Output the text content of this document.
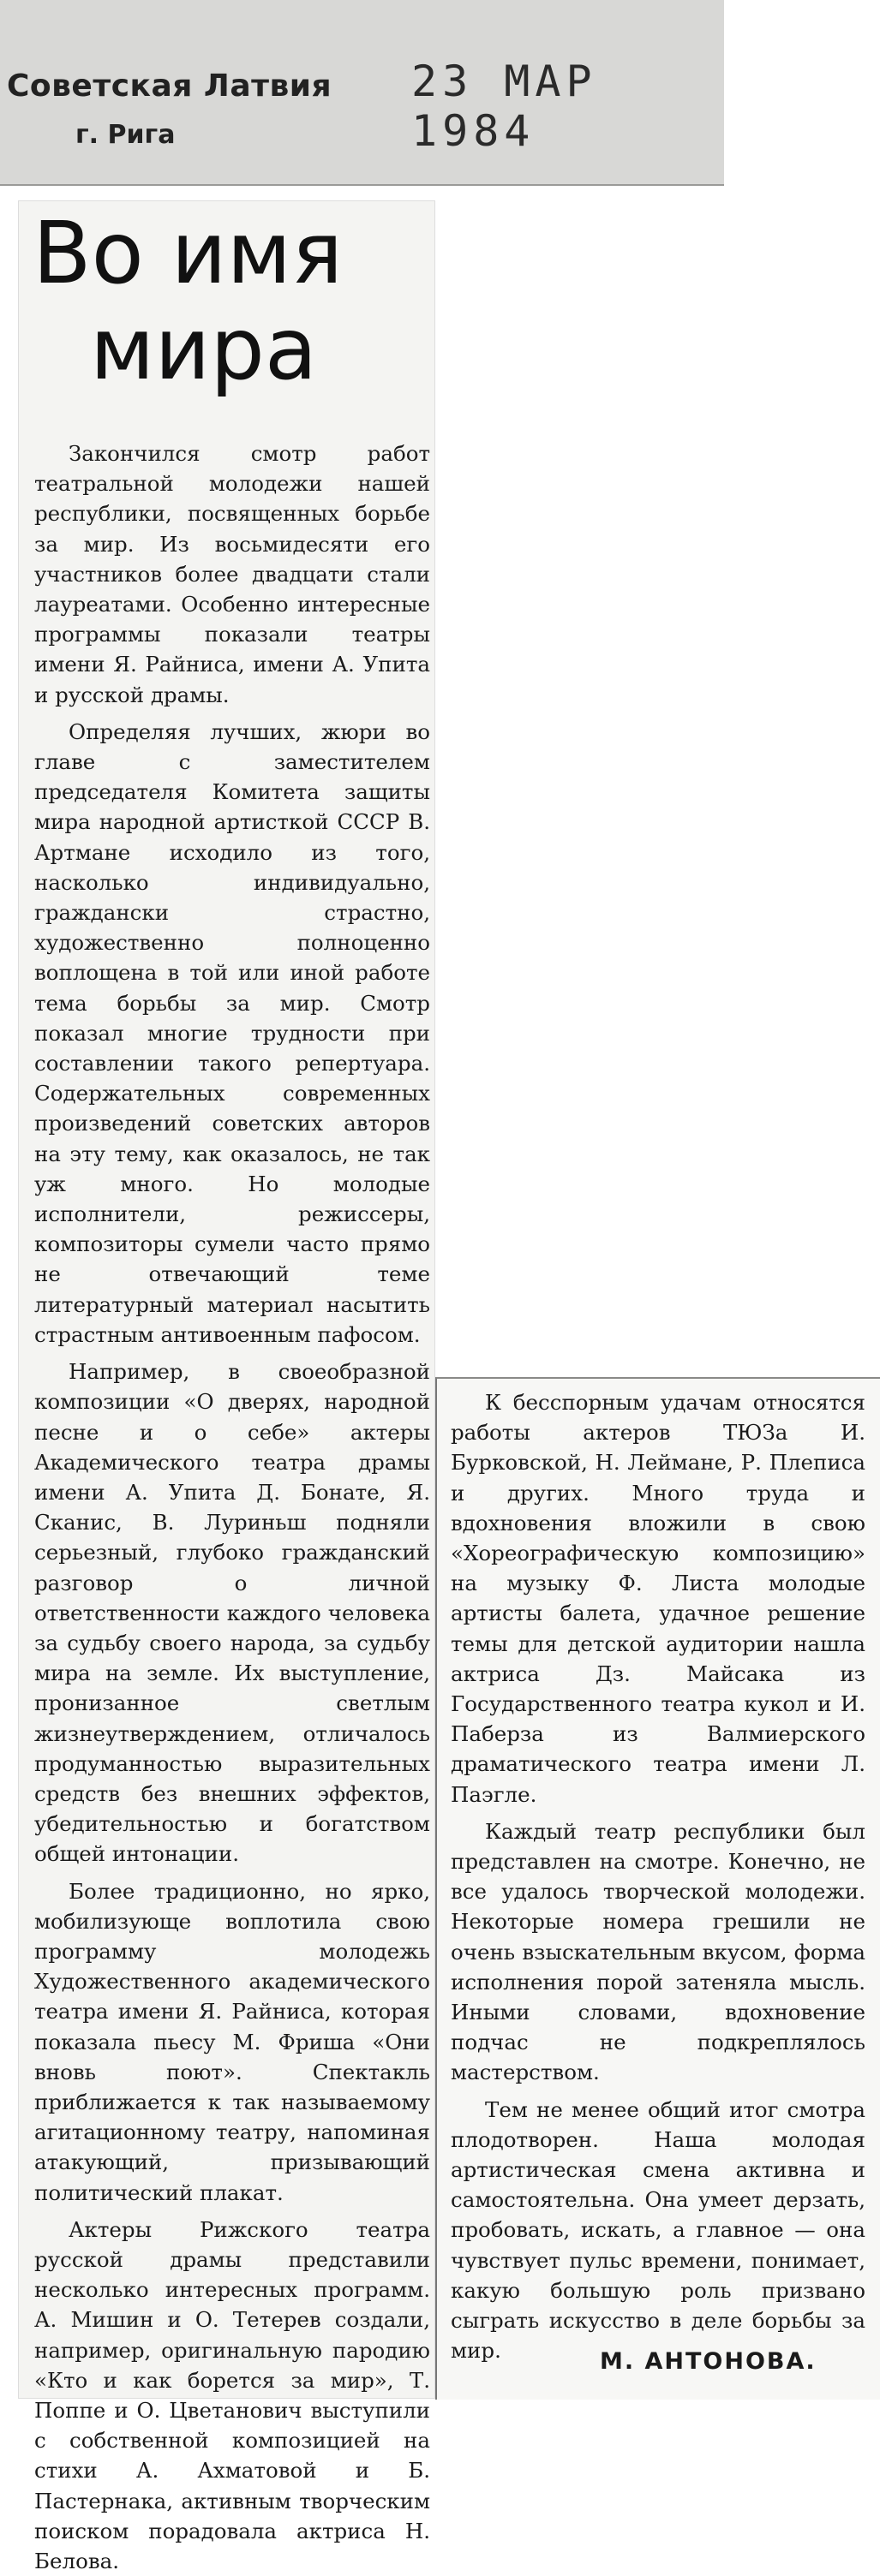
Советская Латвия
г. Рига
23 МАР 1984
Во имя
мира

Закончился смотр работ театральной молодежи нашей республики, посвященных борьбе за мир. Из восьмидесяти его участников более двадцати стали лауреатами. Особенно интересные программы показали театры имени Я. Райниса, имени А. Упита и русской драмы.

Определяя лучших, жюри во главе с заместителем председателя Комитета защиты мира народной артисткой СССР В. Артмане исходило из того, насколько индивидуально, граждански страстно, художественно полноценно воплощена в той или иной работе тема борьбы за мир. Смотр показал многие трудности при составлении такого репертуара. Содержательных современных произведений советских авторов на эту тему, как оказалось, не так уж много. Но молодые исполнители, режиссеры, композиторы сумели часто прямо не отвечающий теме литературный материал насытить страстным антивоенным пафосом.

Например, в своеобразной композиции «О дверях, народной песне и о себе» актеры Академического театра драмы имени А. Упита Д. Бонате, Я. Сканис, В. Луриньш подняли серьезный, глубоко гражданский разговор о личной ответственности каждого человека за судьбу своего народа, за судьбу мира на земле. Их выступление, пронизанное светлым жизнеутверждением, отличалось продуманностью выразительных средств без внешних эффектов, убедительностью и богатством общей интонации.

Более традиционно, но ярко, мобилизующе воплотила свою программу молодежь Художественного академического театра имени Я. Райниса, которая показала пьесу М. Фриша «Они вновь поют». Спектакль приближается к так называемому агитационному театру, напоминая атакующий, призывающий политический плакат.

Актеры Рижского театра русской драмы представили несколько интересных программ. А. Мишин и О. Тетерев создали, например, оригинальную пародию «Кто и как борется за мир», Т. Поппе и О. Цветанович выступили с собственной композицией на стихи А. Ахматовой и Б. Пастернака, активным творческим поиском порадовала актриса Н. Белова.

К бесспорным удачам относятся работы актеров ТЮЗа И. Бурковской, Н. Леймане, Р. Плеписа и других. Много труда и вдохновения вложили в свою «Хореографическую композицию» на музыку Ф. Листа молодые артисты балета, удачное решение темы для детской аудитории нашла актриса Дз. Майсака из Государственного театра кукол и И. Паберза из Валмиерского драматического театра имени Л. Паэгле.

Каждый театр республики был представлен на смотре. Конечно, не все удалось творческой молодежи. Некоторые номера грешили не очень взыскательным вкусом, форма исполнения порой затеняла мысль. Иными словами, вдохновение подчас не подкреплялось мастерством.

Тем не менее общий итог смотра плодотворен. Наша молодая артистическая смена активна и самостоятельна. Она умеет дерзать, пробовать, искать, а главное — она чувствует пульс времени, понимает, какую большую роль призвано сыграть искусство в деле борьбы за мир.	М. АНТОНОВА.
